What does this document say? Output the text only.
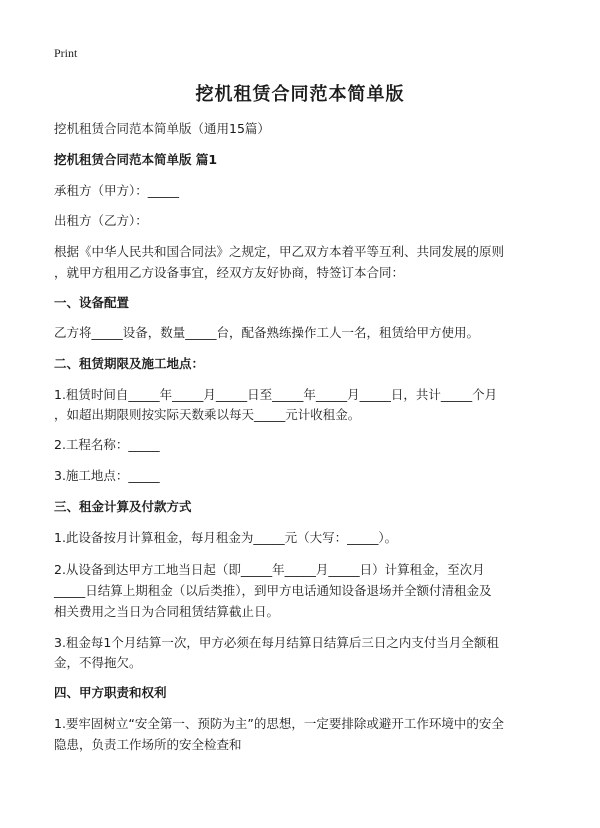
Print
挖机租赁合同范本简单版
挖机租赁合同范本简单版（通用15篇）
挖机租赁合同范本简单版 篇1
承租方（甲方）：_____
出租方（乙方）：
根据《中华人民共和国合同法》之规定，甲乙双方本着平等互利、共同发展的原则
，就甲方租用乙方设备事宜，经双方友好协商，特签订本合同：
一、设备配置
乙方将_____设备，数量_____台，配备熟练操作工人一名，租赁给甲方使用。
二、租赁期限及施工地点：
1.租赁时间自_____年_____月_____日至_____年_____月_____日，共计_____个月
，如超出期限则按实际天数乘以每天_____元计收租金。
2.工程名称：_____
3.施工地点：_____
三、租金计算及付款方式
1.此设备按月计算租金，每月租金为_____元（大写：_____）。
2.从设备到达甲方工地当日起（即_____年_____月_____日）计算租金，至次月
_____日结算上期租金（以后类推），到甲方电话通知设备退场并全额付清租金及
相关费用之当日为合同租赁结算截止日。
3.租金每1个月结算一次，甲方必须在每月结算日结算后三日之内支付当月全额租
金，不得拖欠。
四、甲方职责和权利
1.要牢固树立“安全第一、预防为主”的思想，一定要排除或避开工作环境中的安全
隐患，负责工作场所的安全检查和
